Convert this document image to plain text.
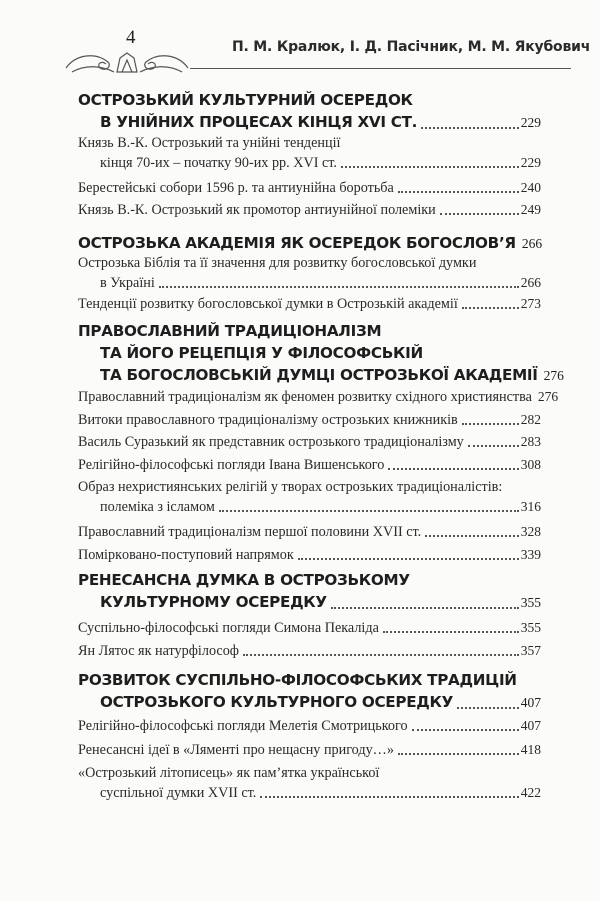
4	П. М. Кралюк, І. Д. Пасічник, М. М. Якубович
ОСТРОЗЬКИЙ КУЛЬТУРНИЙ ОСЕРЕДОК
В УНІЙНИХ ПРОЦЕСАХ КІНЦЯ XVI СТ.	229
Князь В.-К. Острозький та унійні тенденції
кінця 70-их – початку 90-их рр. XVI ст.	229
Берестейські собори 1596 р. та антиунійна боротьба	240
Князь В.-К. Острозький як промотор антиунійної полеміки	249
ОСТРОЗЬКА АКАДЕМІЯ ЯК ОСЕРЕДОК БОГОСЛОВ’Я 266
Острозька Біблія та її значення для розвитку богословської думки
в Україні	266
Тенденції розвитку богословської думки в Острозькій академії	273
ПРАВОСЛАВНИЙ ТРАДИЦІОНАЛІЗМ
ТА ЙОГО РЕЦЕПЦІЯ У ФІЛОСОФСЬКІЙ
ТА БОГОСЛОВСЬКІЙ ДУМЦІ ОСТРОЗЬКОЇ АКАДЕМІЇ 276
Православний традиціоналізм як феномен розвитку східного християнства 276
Витоки православного традиціоналізму острозьких книжників	282
Василь Суразький як представник острозького традиціоналізму	283
Релігійно-філософські погляди Івана Вишенського	308
Образ нехристиянських релігій у творах острозьких традиціоналістів:
полеміка з ісламом	316
Православний традиціоналізм першої половини XVII ст.	328
Поміркoвано-поступовий напрямок	339
РЕНЕСАНСНА ДУМКА В ОСТРОЗЬКОМУ
КУЛЬТУРНОМУ ОСЕРЕДКУ	355
Суспільно-філософські погляди Симона Пекаліда	355
Ян Лятос як натурфілософ	357
РОЗВИТОК СУСПІЛЬНО-ФІЛОСОФСЬКИХ ТРАДИЦІЙ
ОСТРОЗЬКОГО КУЛЬТУРНОГО ОСЕРЕДКУ	407
Релігійно-філософські погляди Мелетія Смотрицького	407
Ренесансні ідеї в «Ляменті про нещасну пригоду…»	418
«Острозький літописець» як пам’ятка української
суспільної думки XVII ст.	422
